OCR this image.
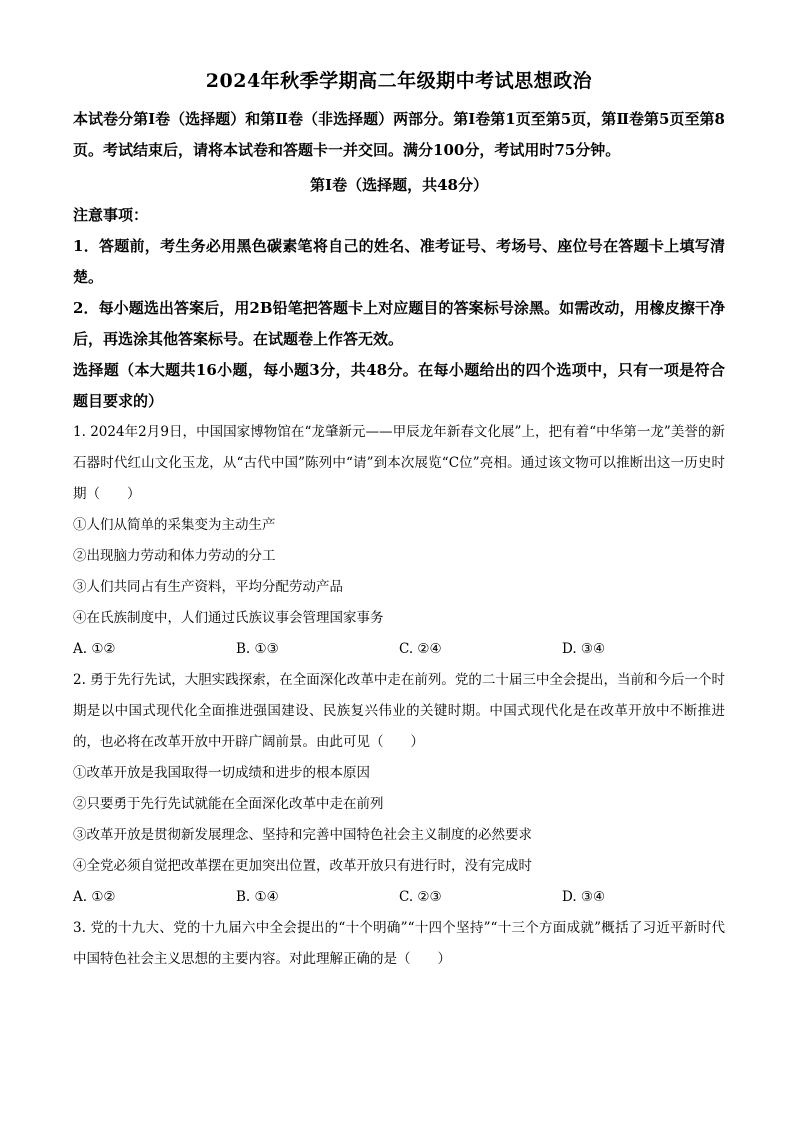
2024年秋季学期高二年级期中考试思想政治

本试卷分第Ⅰ卷（选择题）和第Ⅱ卷（非选择题）两部分。第Ⅰ卷第1页至第5页，第Ⅱ卷第5页至第8页。考试结束后，请将本试卷和答题卡一并交回。满分100分，考试用时75分钟。

第Ⅰ卷（选择题，共48分）

注意事项：

1．答题前，考生务必用黑色碳素笔将自己的姓名、准考证号、考场号、座位号在答题卡上填写清楚。

2．每小题选出答案后，用2B铅笔把答题卡上对应题目的答案标号涂黑。如需改动，用橡皮擦干净后，再选涂其他答案标号。在试题卷上作答无效。

选择题（本大题共16小题，每小题3分，共48分。在每小题给出的四个选项中，只有一项是符合题目要求的）

1. 2024年2月9日，中国国家博物馆在“龙肇新元——甲辰龙年新春文化展”上，把有着“中华第一龙”美誉的新石器时代红山文化玉龙，从“古代中国”陈列中“请”到本次展览“C位”亮相。通过该文物可以推断出这一历史时期（　　）

①人们从简单的采集变为主动生产

②出现脑力劳动和体力劳动的分工

③人们共同占有生产资料，平均分配劳动产品

④在氏族制度中，人们通过氏族议事会管理国家事务

A. ①②	B. ①③	C. ②④	D. ③④

2. 勇于先行先试，大胆实践探索，在全面深化改革中走在前列。党的二十届三中全会提出，当前和今后一个时期是以中国式现代化全面推进强国建设、民族复兴伟业的关键时期。中国式现代化是在改革开放中不断推进的，也必将在改革开放中开辟广阔前景。由此可见（　　）

①改革开放是我国取得一切成绩和进步的根本原因

②只要勇于先行先试就能在全面深化改革中走在前列

③改革开放是贯彻新发展理念、坚持和完善中国特色社会主义制度的必然要求

④全党必须自觉把改革摆在更加突出位置，改革开放只有进行时，没有完成时

A. ①②	B. ①④	C. ②③	D. ③④

3. 党的十九大、党的十九届六中全会提出的“十个明确”“十四个坚持”“十三个方面成就”概括了习近平新时代中国特色社会主义思想的主要内容。对此理解正确的是（　　）
